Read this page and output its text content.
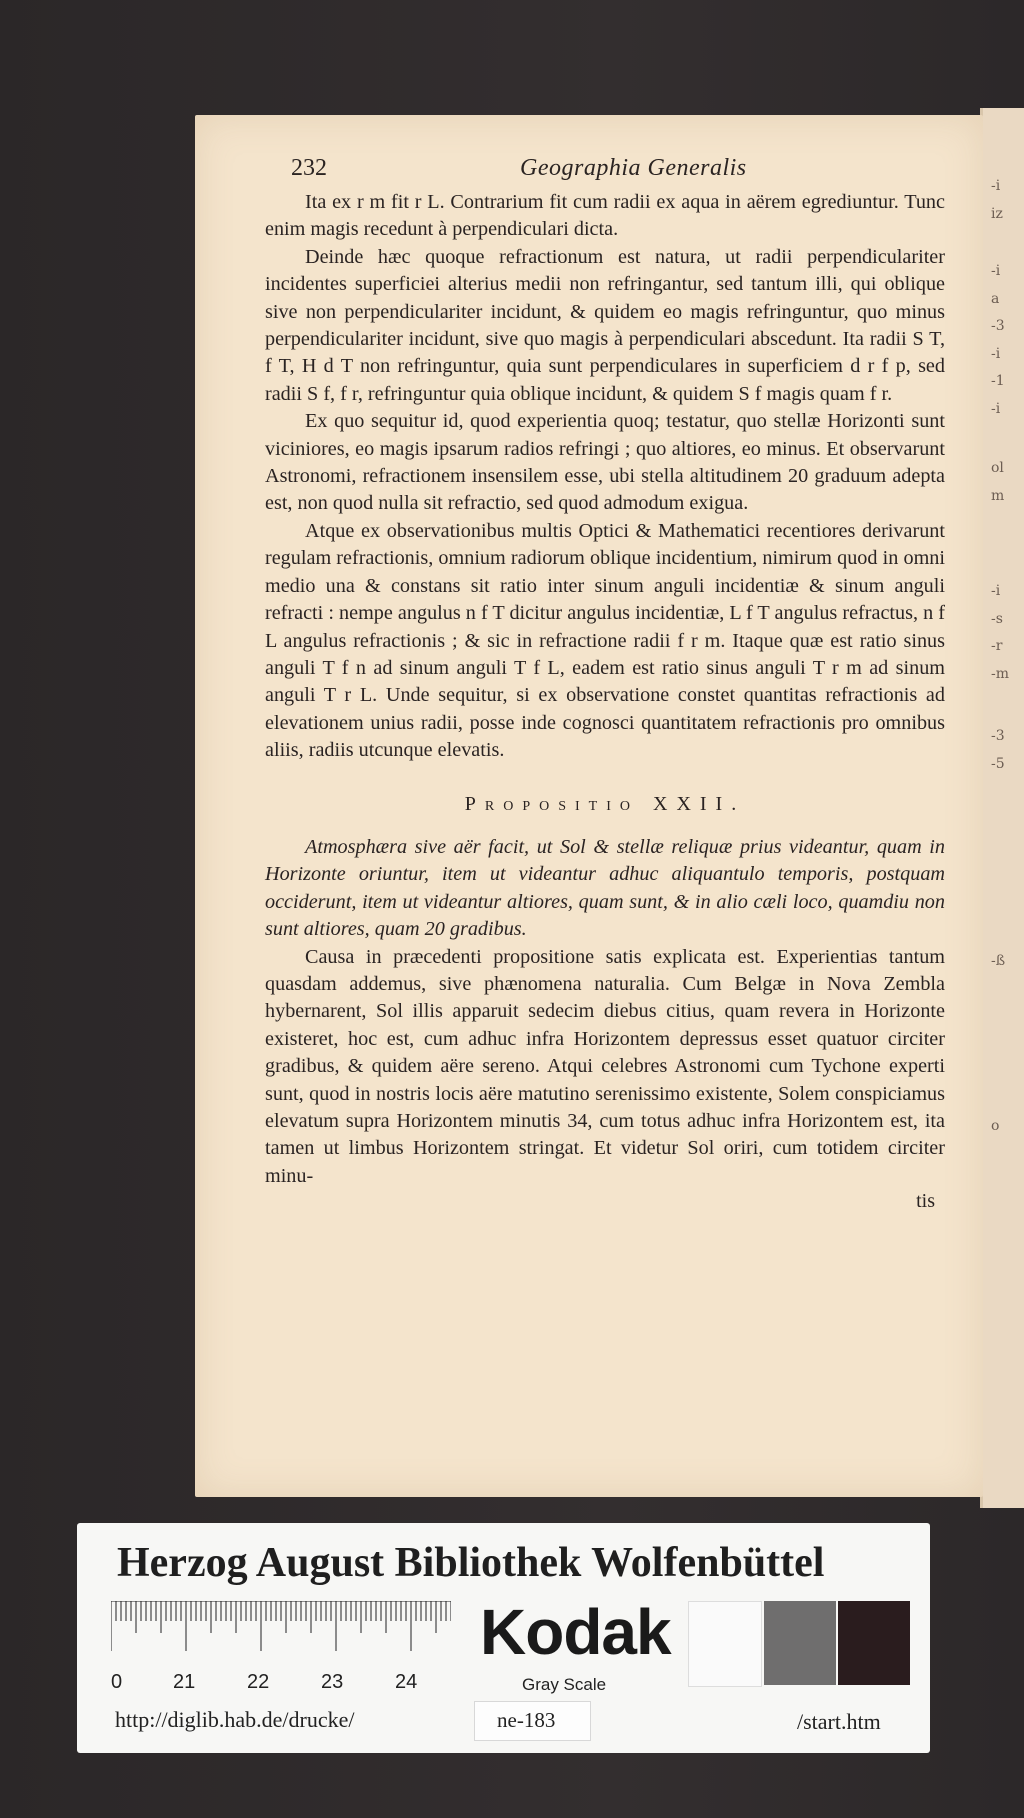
-i
iz
-i
a
-3
-i
-1
-i
ol
m
-i
-s
-r
-m
-3
-5
-ß
o
232	Geographia Generalis

Ita ex r m fit r L. Contrarium fit cum radii ex aqua in aërem egrediuntur. Tunc enim magis recedunt à perpendiculari dicta.

Deinde hæc quoque refractionum est natura, ut radii perpendiculariter incidentes superficiei alterius medii non refringantur, sed tantum illi, qui oblique sive non perpendiculariter incidunt, & quidem eo magis refringuntur, quo minus perpendiculariter incidunt, sive quo magis à perpendiculari abscedunt. Ita radii S T, f T, H d T non refringuntur, quia sunt perpendiculares in superficiem d r f p, sed radii S f, f r, refringuntur quia oblique incidunt, & quidem S f magis quam f r.

Ex quo sequitur id, quod experientia quoq; testatur, quo stellæ Horizonti sunt viciniores, eo magis ipsarum radios refringi ; quo altiores, eo minus. Et observarunt Astronomi, refractionem insensilem esse, ubi stella altitudinem 20 graduum adepta est, non quod nulla sit refractio, sed quod admodum exigua.

Atque ex observationibus multis Optici & Mathematici recentiores derivarunt regulam refractionis, omnium radiorum oblique incidentium, nimirum quod in omni medio una & constans sit ratio inter sinum anguli incidentiæ & sinum anguli refracti : nempe angulus n f T dicitur angulus incidentiæ, L f T angulus refractus, n f L angulus refractionis ; & sic in refractione radii f r m. Itaque quæ est ratio sinus anguli T f n ad sinum anguli T f L, eadem est ratio sinus anguli T r m ad sinum anguli T r L. Unde sequitur, si ex observatione constet quantitas refractionis ad elevationem unius radii, posse inde cognosci quantitatem refractionis pro omnibus aliis, radiis utcunque elevatis.

Propositio XXII.

Atmosphæra sive aër facit, ut Sol & stellæ reliquæ prius videantur, quam in Horizonte oriuntur, item ut videantur adhuc aliquantulo temporis, postquam occiderunt, item ut videantur altiores, quam sunt, & in alio cæli loco, quamdiu non sunt altiores, quam 20 gradibus.

Causa in præcedenti propositione satis explicata est. Experientias tantum quasdam addemus, sive phænomena naturalia. Cum Belgæ in Nova Zembla hybernarent, Sol illis apparuit sedecim diebus citius, quam revera in Horizonte existeret, hoc est, cum adhuc infra Horizontem depressus esset quatuor circiter gradibus, & quidem aëre sereno. Atqui celebres Astronomi cum Tychone experti sunt, quod in nostris locis aëre matutino serenissimo existente, Solem conspiciamus elevatum supra Horizontem minutis 34, cum totus adhuc infra Horizontem est, ita tamen ut limbus Horizontem stringat. Et videtur Sol oriri, cum totidem circiter minu-

tis
Herzog August Bibliothek Wolfenbüttel
0	21	22	23	24
Kodak
Gray Scale
http://diglib.hab.de/drucke/	ne-183	/start.htm
